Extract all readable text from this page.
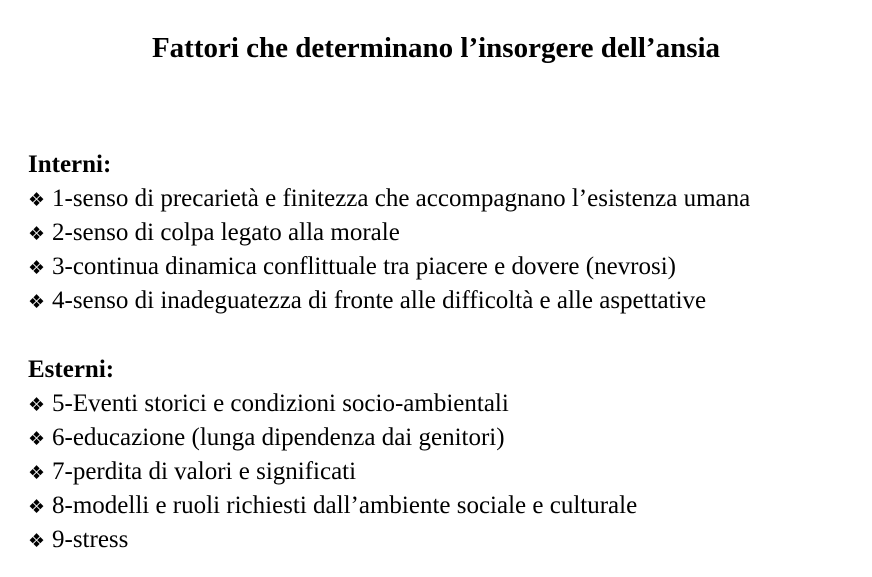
Fattori che determinano l’insorgere dell’ansia
Interni:
❖ 1-senso di precarietà e finitezza che accompagnano l’esistenza umana
❖ 2-senso di colpa legato alla morale
❖ 3-continua dinamica conflittuale tra piacere e dovere (nevrosi)
❖ 4-senso di inadeguatezza di fronte alle difficoltà e alle aspettative
Esterni:
❖ 5-Eventi storici e condizioni socio-ambientali
❖ 6-educazione (lunga dipendenza dai genitori)
❖ 7-perdita di valori e significati
❖ 8-modelli e ruoli richiesti dall’ambiente sociale e culturale
❖ 9-stress
